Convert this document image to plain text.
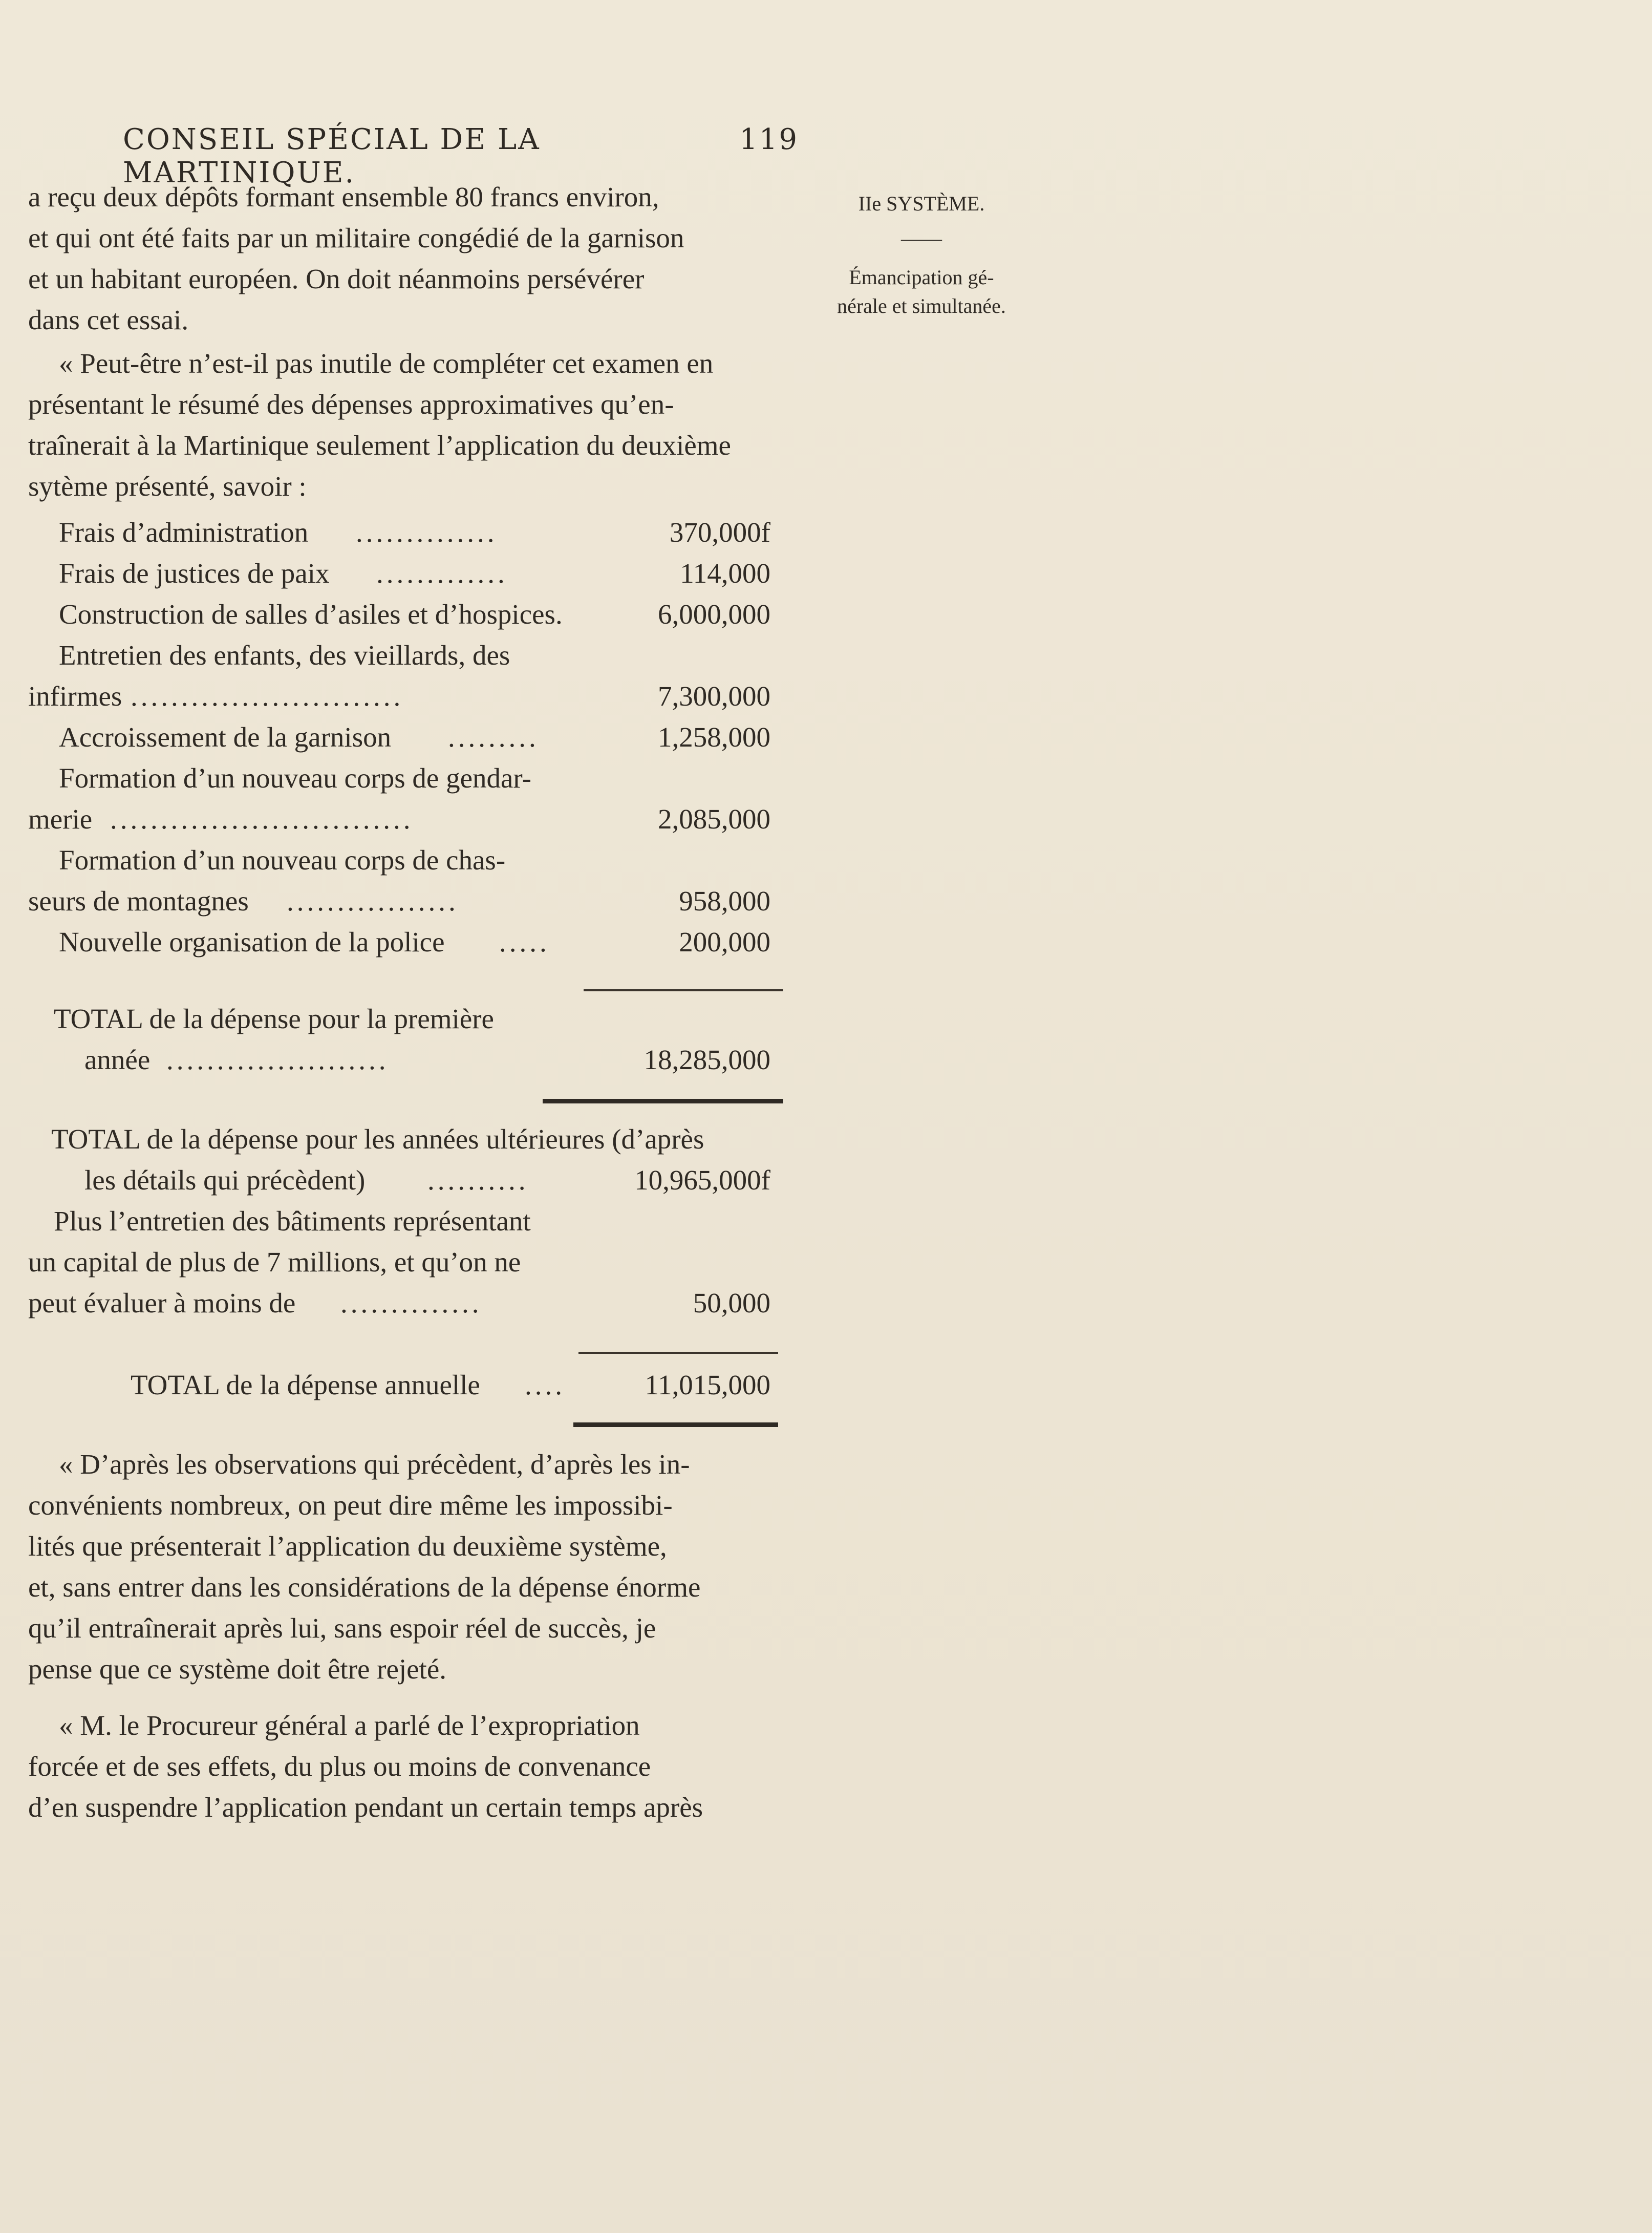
CONSEIL SPÉCIAL DE LA MARTINIQUE.
119
IIe SYSTÈME.
——
Émancipation gé-
nérale et simultanée.

a reçu deux dépôts formant ensemble 80 francs environ,

et qui ont été faits par un militaire congédié de la garnison

et un habitant européen. On doit néanmoins persévérer

dans cet essai.

« Peut-être n’est-il pas inutile de compléter cet examen en

présentant le résumé des dépenses approximatives qu’en-

traînerait à la Martinique seulement l’application du deuxième

sytème présenté, savoir :

Frais d’administration ..............	370,000f
Frais de justices de paix .............	114,000
Construction de salles d’asiles et d’hospices.	6,000,000
Entretien des enfants, des vieillards, des
infirmes ...........................	7,300,000
Accroissement de la garnison .........	1,258,000
Formation d’un nouveau corps de gendar-
merie ..............................	2,085,000
Formation d’un nouveau corps de chas-
seurs de montagnes .................	958,000
Nouvelle organisation de la police .....	200,000
TOTAL de la dépense pour la première
année ......................	18,285,000
TOTAL de la dépense pour les années ultérieures (d’après
les détails qui précèdent) ..........	10,965,000f
Plus l’entretien des bâtiments représentant
un capital de plus de 7 millions, et qu’on ne
peut évaluer à moins de ..............	50,000
TOTAL de la dépense annuelle ....	11,015,000

« D’après les observations qui précèdent, d’après les in-

convénients nombreux, on peut dire même les impossibi-

lités que présenterait l’application du deuxième système,

et, sans entrer dans les considérations de la dépense énorme

qu’il entraînerait après lui, sans espoir réel de succès, je

pense que ce système doit être rejeté.

« M. le Procureur général a parlé de l’expropriation

forcée et de ses effets, du plus ou moins de convenance

d’en suspendre l’application pendant un certain temps après
